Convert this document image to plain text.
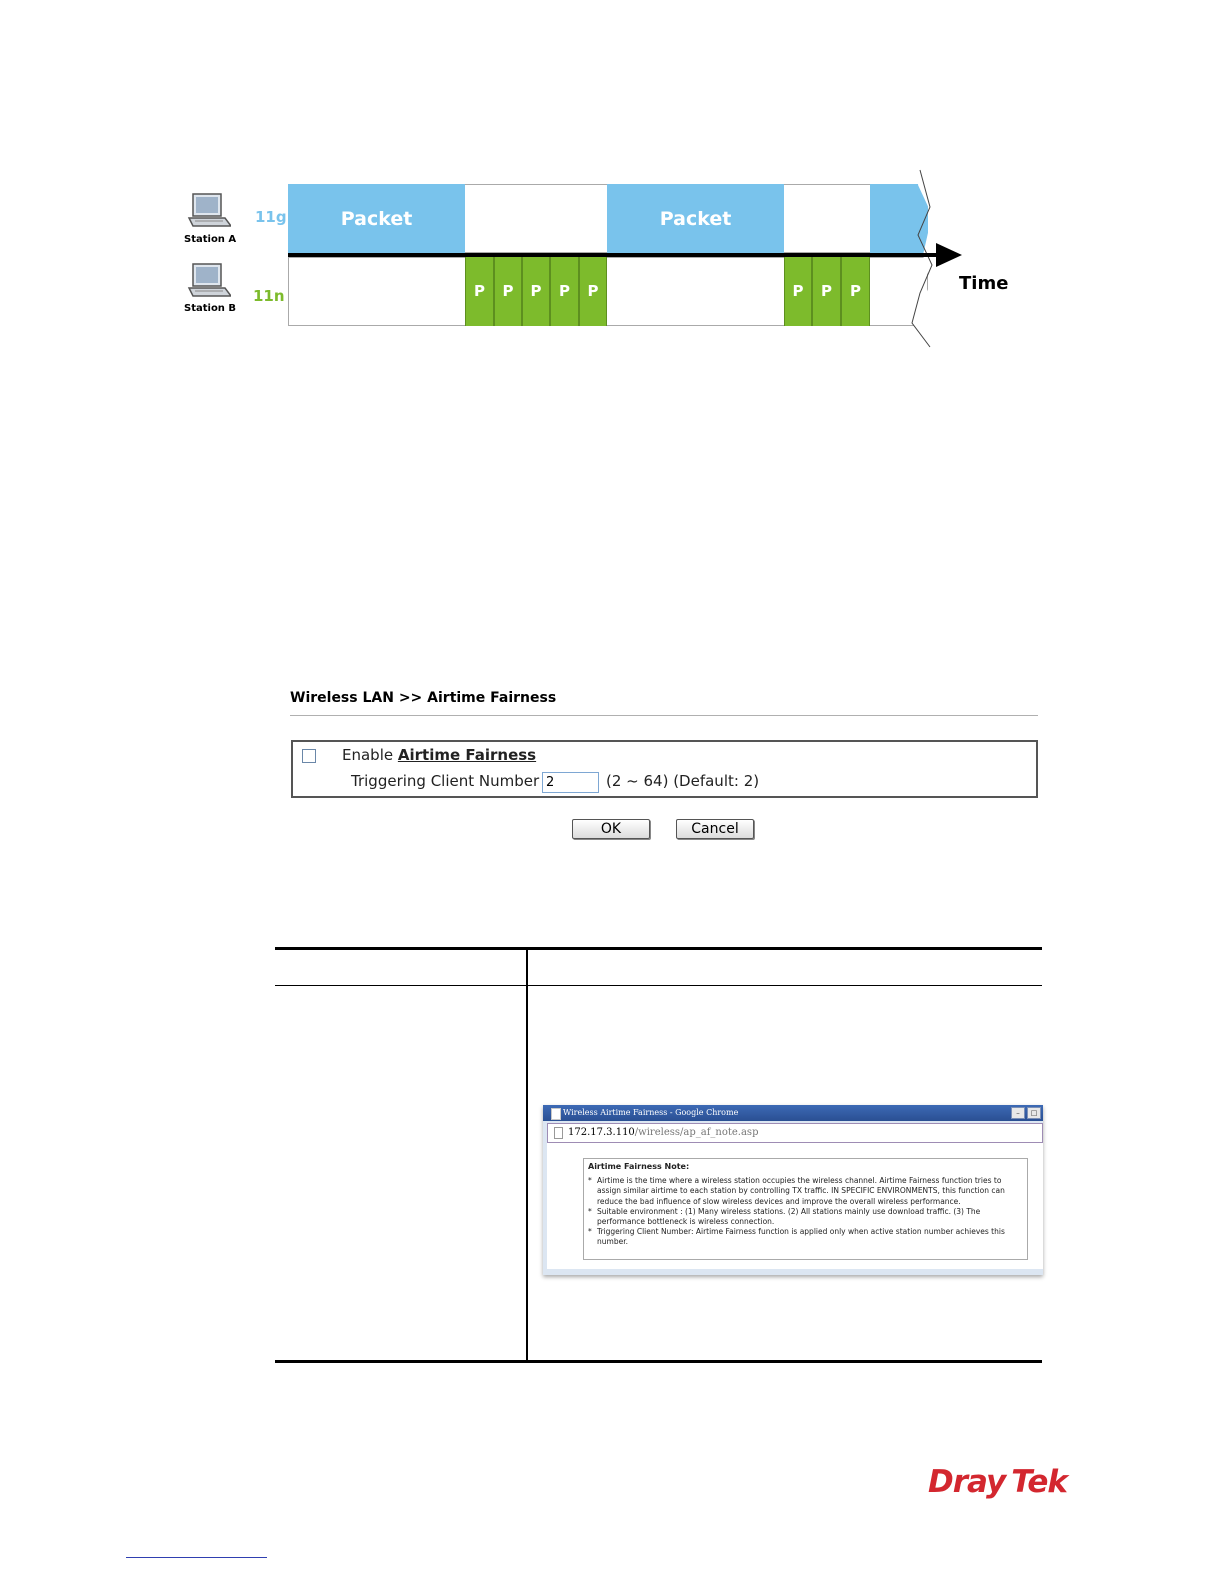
Station A
11g
Station B
11n
Packet	Packet
P P P P P	P P P	Time
Wireless LAN >> Airtime Fairness
Enable Airtime Fairness
Triggering Client Number 2	(2 ~ 64) (Default: 2)
OK	Cancel
Wireless Airtime Fairness - Google Chrome	–	□
172.17.3.110/wireless/ap_af_note.asp
Airtime Fairness Note:
* Airtime is the time where a wireless station occupies the wireless channel. Airtime Fairness function tries to assign similar airtime to each station by controlling TX traffic. IN SPECIFIC ENVIRONMENTS, this function can reduce the bad influence of slow wireless devices and improve the overall wireless performance.
* Suitable environment : (1) Many wireless stations. (2) All stations mainly use download traffic. (3) The performance bottleneck is wireless connection.
* Triggering Client Number: Airtime Fairness function is applied only when active station number achieves this number.
Dray Tek
